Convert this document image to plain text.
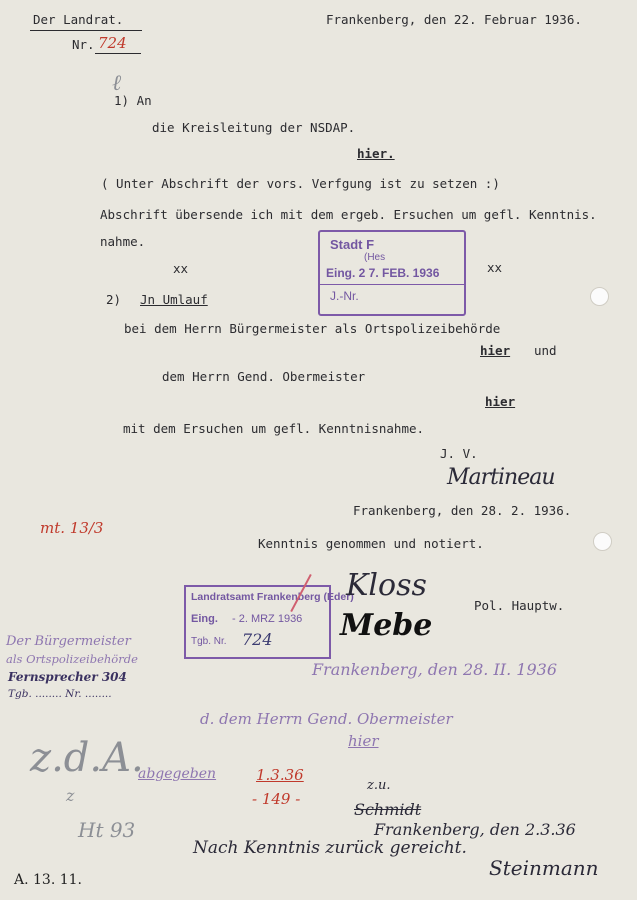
Der Landrat.
Nr. 724
Frankenberg, den 22. Februar 1936.
ℓ
1) An
die Kreisleitung der NSDAP.
hier.
( Unter Abschrift der vors. Verfgung ist zu setzen :)
Abschrift übersende ich mit dem ergeb. Ersuchen um gefl. Kenntnis.
nahme.
xx	xx
Stadt F
(Hes
Eing. 2 7. FEB. 1936
J.-Nr.
2) Jn Umlauf
bei dem Herrn Bürgermeister als Ortspolizeibehörde
hier und
dem Herrn Gend. Obermeister
hier
mit dem Ersuchen um gefl. Kenntnisnahme.
J. V.
Martineau
Frankenberg, den 28. 2. 1936.
Kenntnis genommen und notiert.
mt. 13/3
Landratsamt Frankenberg (Eder)
Eing. - 2. MRZ 1936
Tgb. Nr. 724
Kloss
Pol. Hauptw.
Mebe
Der Bürgermeister
als Ortspolizeibehörde
Fernsprecher 304
Tgb. ........ Nr. ........
Frankenberg, den 28. II. 1936
d. dem Herrn Gend. Obermeister
hier
z.d.A.
z
Ht 93
abgegeben	1.3.36
- 149 -
z.u.
Schmidt
Frankenberg, den 2.3.36
Nach Kenntnis zurück gereicht.
Steinmann
A. 13. 11.
